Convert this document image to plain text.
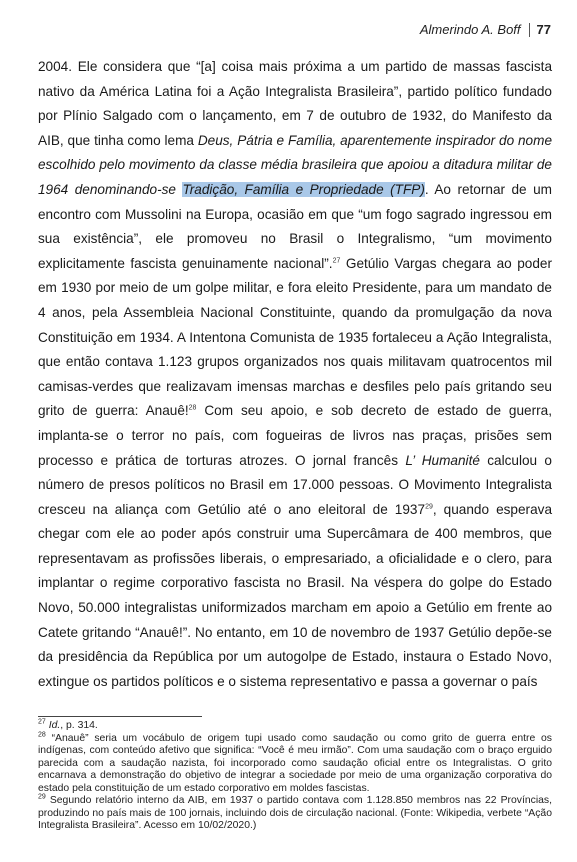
Almerindo A. Boff 77

2004. Ele considera que “[a] coisa mais próxima a um partido de massas fascista nativo da América Latina foi a Ação Integralista Brasileira”, partido político fundado por Plínio Salgado com o lançamento, em 7 de outubro de 1932, do Manifesto da AIB, que tinha como lema Deus, Pátria e Família, aparentemente inspirador do nome escolhido pelo movimento da classe média brasileira que apoiou a ditadura militar de 1964 denominando-se Tradição, Família e Propriedade (TFP). Ao retornar de um encontro com Mussolini na Europa, ocasião em que “um fogo sagrado ingressou em sua existência”, ele promoveu no Brasil o Integralismo, “um movimento explicitamente fascista genuinamente nacional”.$^{27}$ Getúlio Vargas chegara ao poder em 1930 por meio de um golpe militar, e fora eleito Presidente, para um mandato de 4 anos, pela Assembleia Nacional Constituinte, quando da promulgação da nova Constituição em 1934. A Intentona Comunista de 1935 fortaleceu a Ação Integralista, que então contava 1.123 grupos organizados nos quais militavam quatrocentos mil camisas-verdes que realizavam imensas marchas e desfiles pelo país gritando seu grito de guerra: Anauê!$^{28}$ Com seu apoio, e sob decreto de estado de guerra, implanta-se o terror no país, com fogueiras de livros nas praças, prisões sem processo e prática de torturas atrozes. O jornal francês L’ Humanité calculou o número de presos políticos no Brasil em 17.000 pessoas. O Movimento Integralista cresceu na aliança com Getúlio até o ano eleitoral de 1937$^{29}$, quando esperava chegar com ele ao poder após construir uma Supercâmara de 400 membros, que representavam as profissões liberais, o empresariado, a oficialidade e o clero, para implantar o regime corporativo fascista no Brasil. Na véspera do golpe do Estado Novo, 50.000 integralistas uniformizados marcham em apoio a Getúlio em frente ao Catete gritando “Anauê!”. No entanto, em 10 de novembro de 1937 Getúlio depõe-se da presidência da República por um autogolpe de Estado, instaura o Estado Novo, extingue os partidos políticos e o sistema representativo e passa a governar o país

$^{27}$ Id., p. 314.

$^{28}$ “Anauê” seria um vocábulo de origem tupi usado como saudação ou como grito de guerra entre os indígenas, com conteúdo afetivo que significa: “Você é meu irmão”. Com uma saudação com o braço erguido parecida com a saudação nazista, foi incorporado como saudação oficial entre os Integralistas. O grito encarnava a demonstração do objetivo de integrar a sociedade por meio de uma organização corporativa do estado pela constituição de um estado corporativo em moldes fascistas.

$^{29}$ Segundo relatório interno da AIB, em 1937 o partido contava com 1.128.850 membros nas 22 Províncias, produzindo no país mais de 100 jornais, incluindo dois de circulação nacional. (Fonte: Wikipedia, verbete “Ação Integralista Brasileira”. Acesso em 10/02/2020.)
